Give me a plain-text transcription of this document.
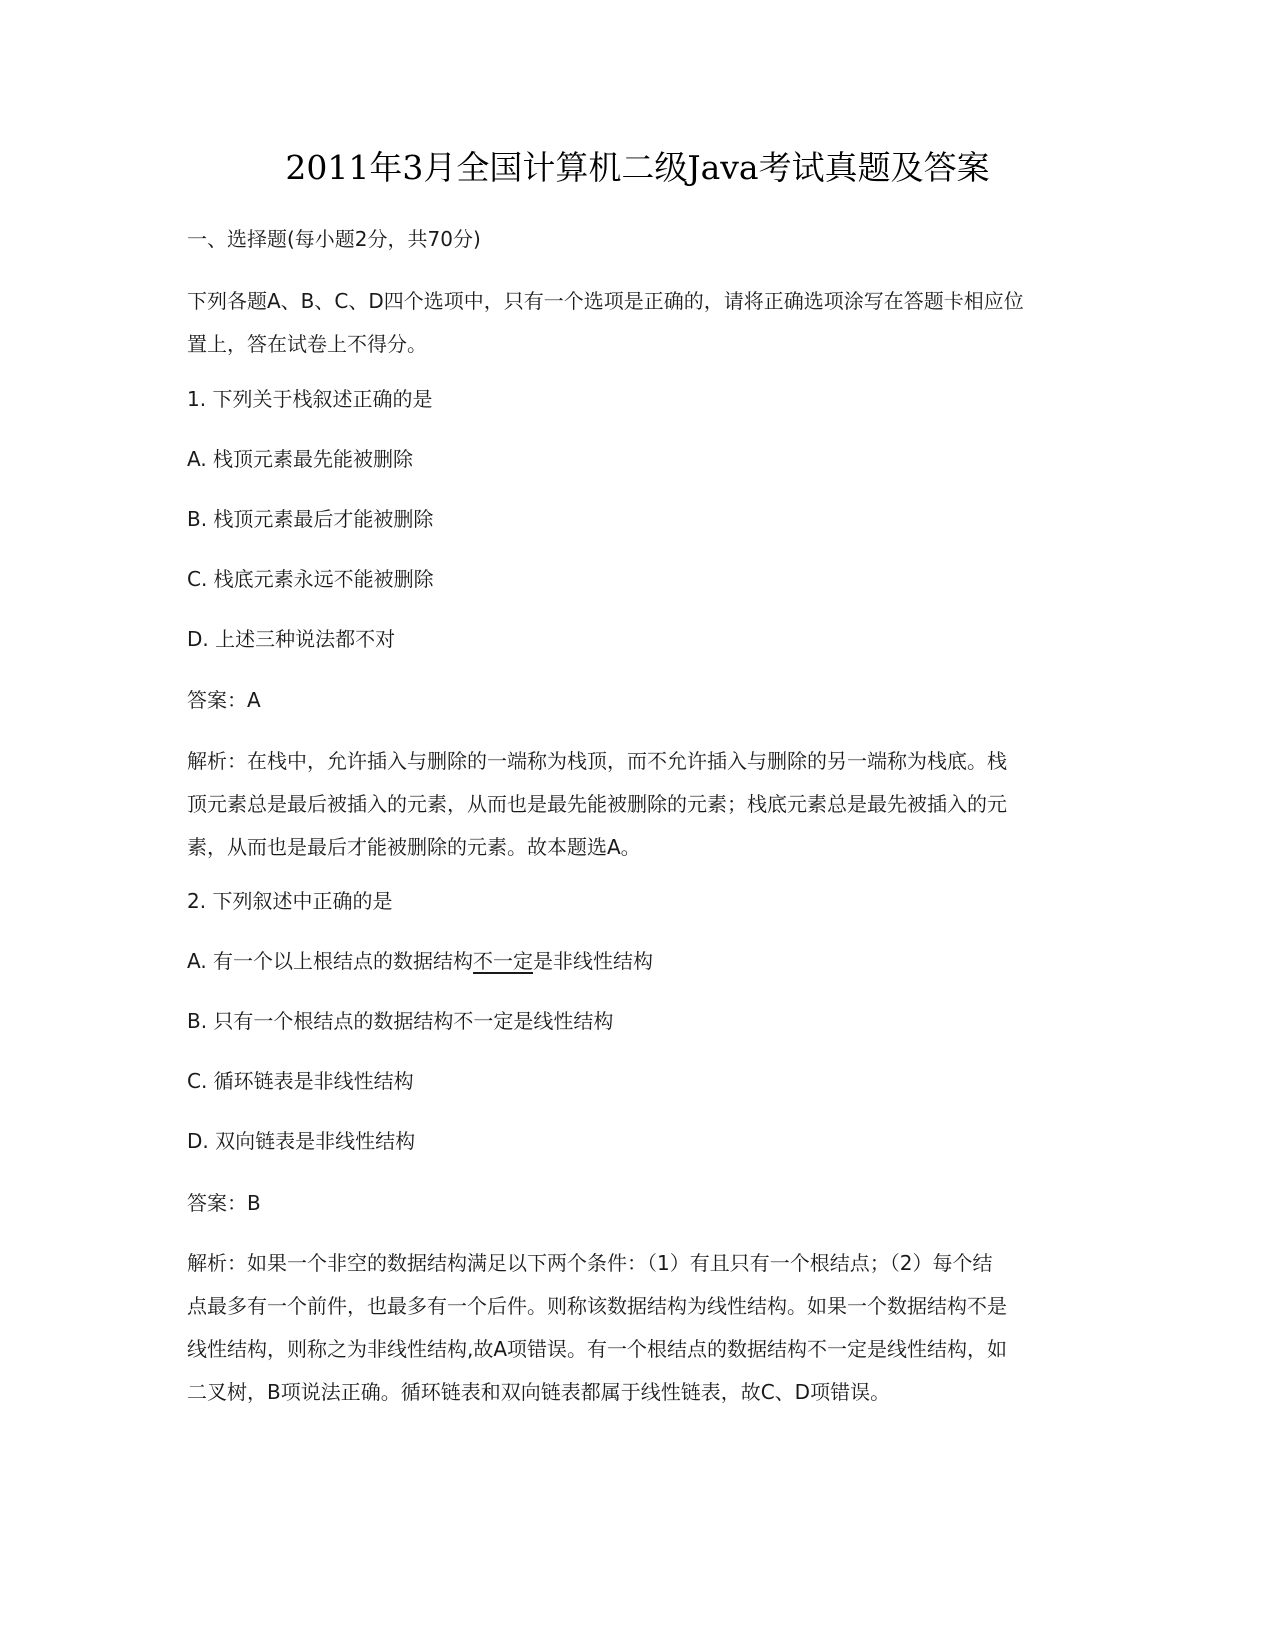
2011年3月全国计算机二级Java考试真题及答案
一、选择题(每小题2分，共70分)
下列各题A、B、C、D四个选项中，只有一个选项是正确的，请将正确选项涂写在答题卡相应位
置上，答在试卷上不得分。
1. 下列关于栈叙述正确的是
A. 栈顶元素最先能被删除
B. 栈顶元素最后才能被删除
C. 栈底元素永远不能被删除
D. 上述三种说法都不对
答案：A
解析：在栈中，允许插入与删除的一端称为栈顶，而不允许插入与删除的另一端称为栈底。栈
顶元素总是最后被插入的元素，从而也是最先能被删除的元素；栈底元素总是最先被插入的元
素，从而也是最后才能被删除的元素。故本题选A。
2. 下列叙述中正确的是
A. 有一个以上根结点的数据结构不一定是非线性结构
B. 只有一个根结点的数据结构不一定是线性结构
C. 循环链表是非线性结构
D. 双向链表是非线性结构
答案：B
解析：如果一个非空的数据结构满足以下两个条件：（1）有且只有一个根结点；（2）每个结
点最多有一个前件，也最多有一个后件。则称该数据结构为线性结构。如果一个数据结构不是
线性结构，则称之为非线性结构,故A项错误。有一个根结点的数据结构不一定是线性结构，如
二叉树，B项说法正确。循环链表和双向链表都属于线性链表，故C、D项错误。
